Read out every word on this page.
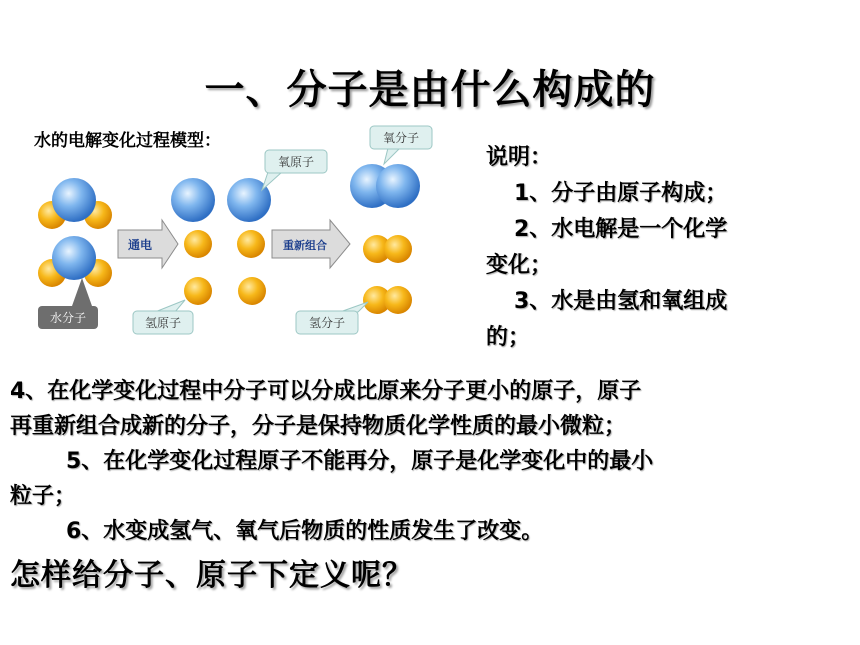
一、分子是由什么构成的
水的电解变化过程模型：
水分子
通电
氧原子
氢原子
重新组合
氧分子
氢分子
说明：
1、分子由原子构成；
2、水电解是一个化学
变化；
3、水是由氢和氧组成
的；
4、在化学变化过程中分子可以分成比原来分子更小的原子，原子
再重新组合成新的分子，分子是保持物质化学性质的最小微粒；
5、在化学变化过程原子不能再分，原子是化学变化中的最小
粒子；
6、水变成氢气、氧气后物质的性质发生了改变。
怎样给分子、原子下定义呢？
